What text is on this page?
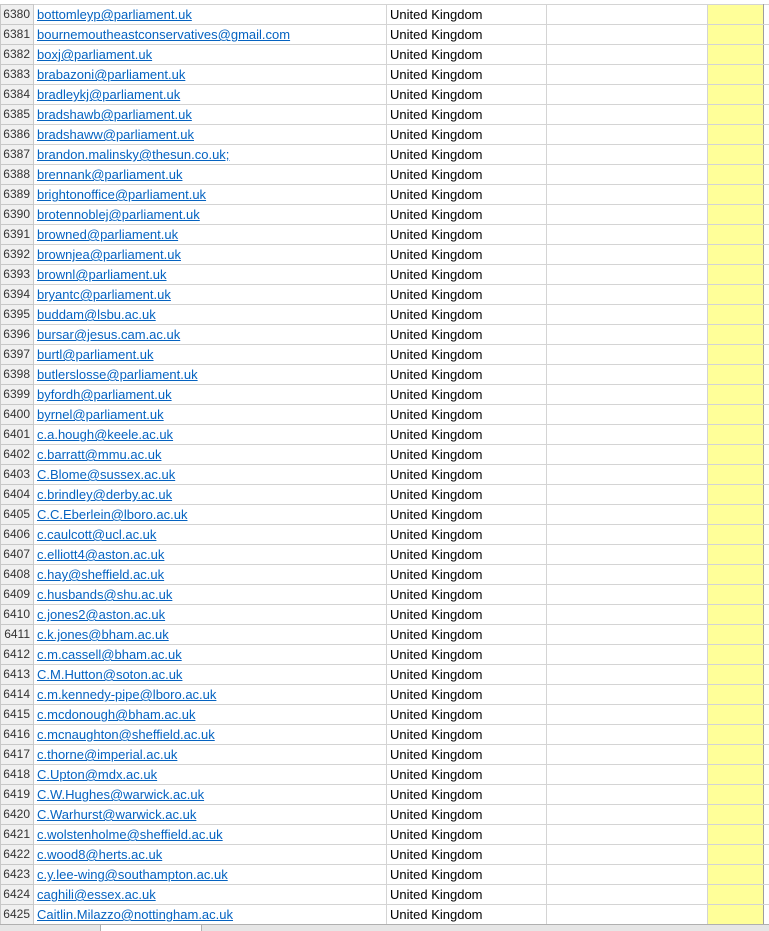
6380	bottomleyp@parliament.uk	United Kingdom			
6381	bournemoutheastconservatives@gmail.com	United Kingdom			
6382	boxj@parliament.uk	United Kingdom			
6383	brabazoni@parliament.uk	United Kingdom			
6384	bradleykj@parliament.uk	United Kingdom			
6385	bradshawb@parliament.uk	United Kingdom			
6386	bradshaww@parliament.uk	United Kingdom			
6387	brandon.malinsky@thesun.co.uk;	United Kingdom			
6388	brennank@parliament.uk	United Kingdom			
6389	brightonoffice@parliament.uk	United Kingdom			
6390	brotennoblej@parliament.uk	United Kingdom			
6391	browned@parliament.uk	United Kingdom			
6392	brownjea@parliament.uk	United Kingdom			
6393	brownl@parliament.uk	United Kingdom			
6394	bryantc@parliament.uk	United Kingdom			
6395	buddam@lsbu.ac.uk	United Kingdom			
6396	bursar@jesus.cam.ac.uk	United Kingdom			
6397	burtl@parliament.uk	United Kingdom			
6398	butlerslosse@parliament.uk	United Kingdom			
6399	byfordh@parliament.uk	United Kingdom			
6400	byrnel@parliament.uk	United Kingdom			
6401	c.a.hough@keele.ac.uk	United Kingdom			
6402	c.barratt@mmu.ac.uk	United Kingdom			
6403	C.Blome@sussex.ac.uk	United Kingdom			
6404	c.brindley@derby.ac.uk	United Kingdom			
6405	C.C.Eberlein@lboro.ac.uk	United Kingdom			
6406	c.caulcott@ucl.ac.uk	United Kingdom			
6407	c.elliott4@aston.ac.uk	United Kingdom			
6408	c.hay@sheffield.ac.uk	United Kingdom			
6409	c.husbands@shu.ac.uk	United Kingdom			
6410	c.jones2@aston.ac.uk	United Kingdom			
6411	c.k.jones@bham.ac.uk	United Kingdom			
6412	c.m.cassell@bham.ac.uk	United Kingdom			
6413	C.M.Hutton@soton.ac.uk	United Kingdom			
6414	c.m.kennedy-pipe@lboro.ac.uk	United Kingdom			
6415	c.mcdonough@bham.ac.uk	United Kingdom			
6416	c.mcnaughton@sheffield.ac.uk	United Kingdom			
6417	c.thorne@imperial.ac.uk	United Kingdom			
6418	C.Upton@mdx.ac.uk	United Kingdom			
6419	C.W.Hughes@warwick.ac.uk	United Kingdom			
6420	C.Warhurst@warwick.ac.uk	United Kingdom			
6421	c.wolstenholme@sheffield.ac.uk	United Kingdom			
6422	c.wood8@herts.ac.uk	United Kingdom			
6423	c.y.lee-wing@southampton.ac.uk	United Kingdom			
6424	caghili@essex.ac.uk	United Kingdom			
6425	Caitlin.Milazzo@nottingham.ac.uk	United Kingdom			
